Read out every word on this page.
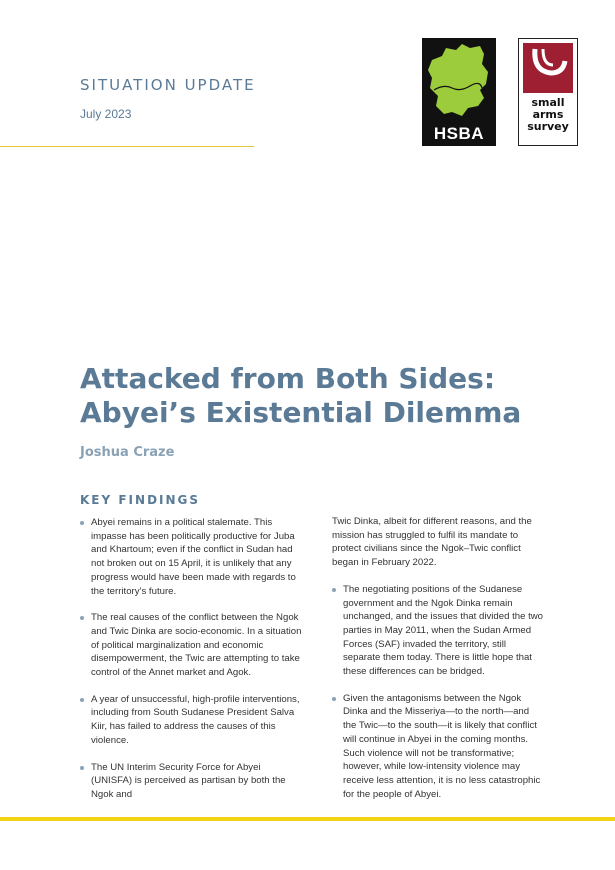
SITUATION UPDATE
July 2023
HSBA
small
arms
survey
Attacked from Both Sides:
Abyei’s Existential Dilemma
Joshua Craze
KEY FINDINGS
Abyei remains in a political stalemate. This impasse has been politically productive for Juba and Khartoum; even if the conflict in Sudan had not broken out on 15 April, it is unlikely that any progress would have been made with regards to the territory’s future.
The real causes of the conflict between the Ngok and Twic Dinka are socio-economic. In a situation of political marginalization and economic disempowerment, the Twic are attempting to take control of the Annet market and Agok.
A year of unsuccessful, high-profile interventions, including from South Sudanese President Salva Kiir, has failed to address the causes of this violence.
The UN Interim Security Force for Abyei (UNISFA) is perceived as partisan by both the Ngok and
Twic Dinka, albeit for different reasons, and the mission has struggled to fulfil its mandate to protect civilians since the Ngok–Twic conflict began in February 2022.
The negotiating positions of the Sudanese government and the Ngok Dinka remain unchanged, and the issues that divided the two parties in May 2011, when the Sudan Armed Forces (SAF) invaded the territory, still separate them today. There is little hope that these differences can be bridged.
Given the antagonisms between the Ngok Dinka and the Misseriya—to the north—and the Twic—to the south—it is likely that conflict will continue in Abyei in the coming months. Such violence will not be transformative; however, while low-intensity violence may receive less attention, it is no less catastrophic for the people of Abyei.
